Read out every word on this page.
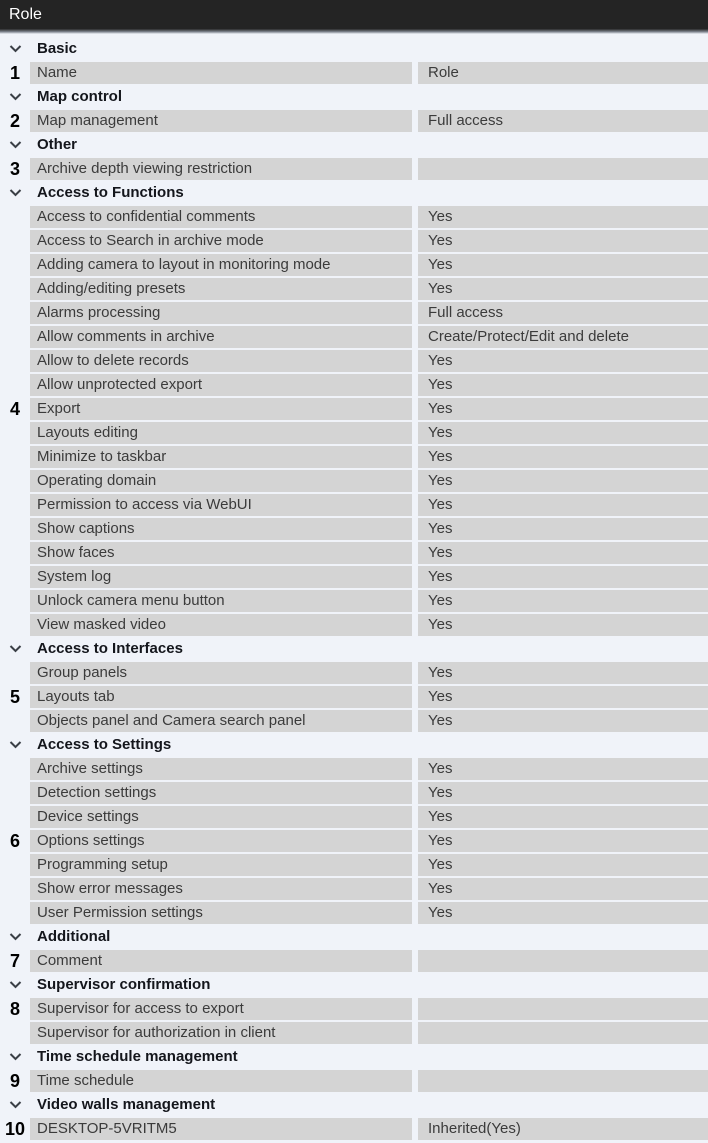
Role
Basic
1	Name	Role
Map control
2	Map management	Full access
Other
3	Archive depth viewing restriction
Access to Functions
Access to confidential comments	Yes
Access to Search in archive mode	Yes
Adding camera to layout in monitoring mode	Yes
Adding/editing presets	Yes
Alarms processing	Full access
Allow comments in archive	Create/Protect/Edit and delete
Allow to delete records	Yes
Allow unprotected export	Yes
4	Export	Yes
Layouts editing	Yes
Minimize to taskbar	Yes
Operating domain	Yes
Permission to access via WebUI	Yes
Show captions	Yes
Show faces	Yes
System log	Yes
Unlock camera menu button	Yes
View masked video	Yes
Access to Interfaces
Group panels	Yes
5	Layouts tab	Yes
Objects panel and Camera search panel	Yes
Access to Settings
Archive settings	Yes
Detection settings	Yes
Device settings	Yes
6	Options settings	Yes
Programming setup	Yes
Show error messages	Yes
User Permission settings	Yes
Additional
7	Comment
Supervisor confirmation
8	Supervisor for access to export
Supervisor for authorization in client
Time schedule management
9	Time schedule
Video walls management
10 DESKTOP-5VRITM5	Inherited(Yes)
